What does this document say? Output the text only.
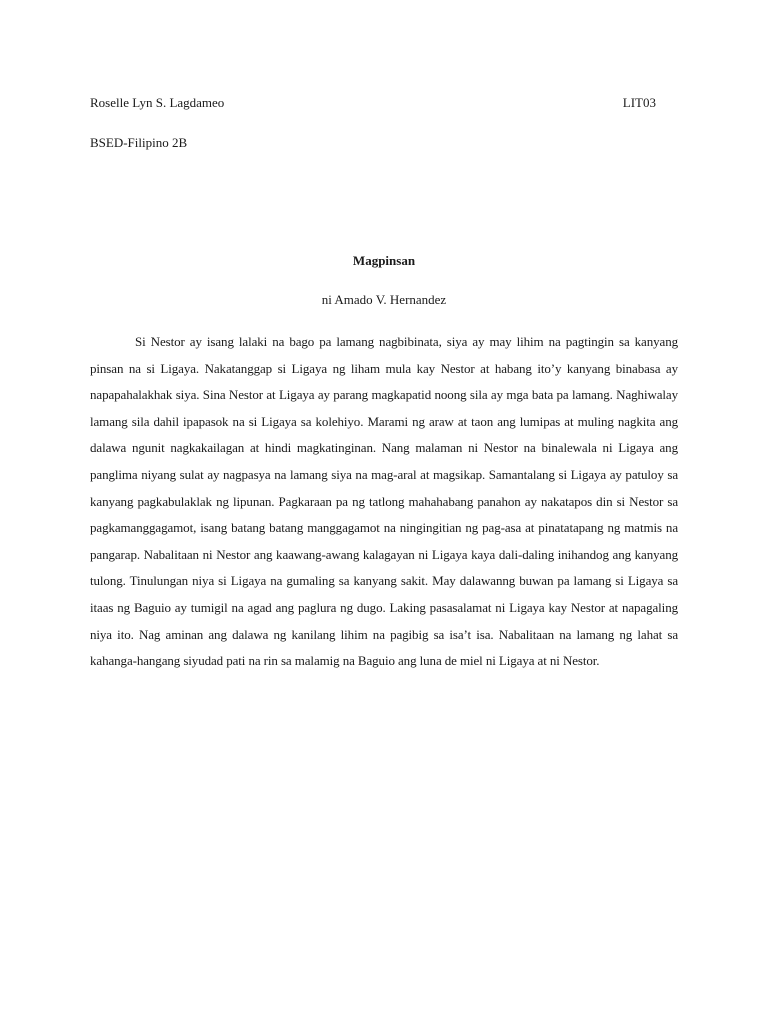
Roselle Lyn S. Lagdameo	LIT03
BSED-Filipino 2B
Magpinsan
ni Amado V. Hernandez

Si Nestor ay isang lalaki na bago pa lamang nagbibinata, siya ay may lihim na pagtingin sa kanyang pinsan na si Ligaya. Nakatanggap si Ligaya ng liham mula kay Nestor at habang ito’y kanyang binabasa ay napapahalakhak siya. Sina Nestor at Ligaya ay parang magkapatid noong sila ay mga bata pa lamang. Naghiwalay lamang sila dahil ipapasok na si Ligaya sa kolehiyo. Marami ng araw at taon ang lumipas at muling nagkita ang dalawa ngunit nagkakailagan at hindi magkatinginan. Nang malaman ni Nestor na binalewala ni Ligaya ang panglima niyang sulat ay nagpasya na lamang siya na mag-aral at magsikap. Samantalang si Ligaya ay patuloy sa kanyang pagkabulaklak ng lipunan. Pagkaraan pa ng tatlong mahahabang panahon ay nakatapos din si Nestor sa pagkamanggagamot, isang batang batang manggagamot na ningingitian ng pag-asa at pinatatapang ng matmis na pangarap. Nabalitaan ni Nestor ang kaawang-awang kalagayan ni Ligaya kaya dali-daling inihandog ang kanyang tulong. Tinulungan niya si Ligaya na gumaling sa kanyang sakit. May dalawanng buwan pa lamang si Ligaya sa itaas ng Baguio ay tumigil na agad ang paglura ng dugo. Laking pasasalamat ni Ligaya kay Nestor at napagaling niya ito. Nag aminan ang dalawa ng kanilang lihim na pagibig sa isa’t isa. Nabalitaan na lamang ng lahat sa kahanga-hangang siyudad pati na rin sa malamig na Baguio ang luna de miel ni Ligaya at ni Nestor.
